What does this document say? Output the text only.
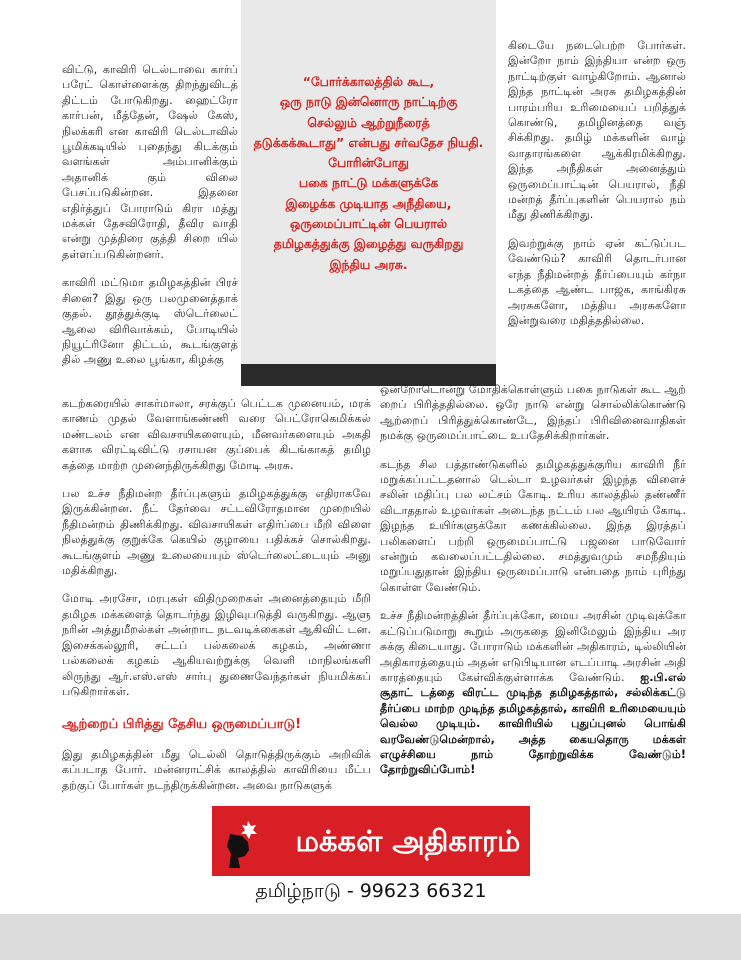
“போர்க்காலத்தில் கூட,
ஒரு நாடு இன்னொரு நாட்டிற்கு
செல்லும் ஆற்றுநீரைத்
தடுக்கக்கூடாது” என்பது சர்வதேச நியதி.
போரின்போது
பகை நாட்டு மக்களுக்கே
இழைக்க முடியாத அநீதியை,
ஒருமைப்பாட்டின் பெயரால்
தமிழகத்துக்கு இழைத்து வருகிறது
இந்திய அரசு.

விட்டு, காவிரி டெல்டாவை கார்ப் பரேட் கொள்ளைக்கு திறந்துவிடத் திட்டம் போடுகிறது. ஹைட்ரோ கார்பன், மீத்தேன், ஷேல் கேஸ், நிலக்கரி என காவிரி டெல்டாவில் பூமிக்கடியில் புதைந்து கிடக்கும் வளங்கள் அம்பானிக்கும் அதானிக் கும் விலை பேசப்படுகின்றன. இதனை எதிர்த்துப் போராடும் கிரா மத்து மக்கள் தேசவிரோதி, தீவிர வாதி என்று முத்திரை குத்தி சிறை யில் தள்ளப்படுகின்றனர்.

காவிரி மட்டுமா தமிழகத்தின் பிரச் சினை? இது ஒரு பலமுனைத்தாக் குதல். தூத்துக்குடி ஸ்டெர்லைட் ஆலை விரிவாக்கம், போடியில் நியூட்ரினோ திட்டம், கூடங்குளத் தில் அணு உலை பூங்கா, கிழக்கு

கடற்கரையில் சாகர்மாலா, சரக்குப் பெட்டக முனையம், மரக் காணம் முதல் வேளாங்கண்ணி வரை பெட்ரோகெமிக்கல் மண்டலம் என விவசாயிகளையும், மீனவர்களையும் அகதி களாக விரட்டிவிட்டு ரசாயன குப்பைக் கிடங்காகத் தமிழ கத்தை மாற்ற முனைந்திருக்கிறது மோடி அரசு.

பல உச்ச நீதிமன்ற தீர்ப்புகளும் தமிழகத்துக்கு எதிராகவே இருக்கின்றன. நீட் தேர்வை சட்டவிரோதமான முறையில் நீதிமன்றம் திணிக்கிறது. விவசாயிகள் எதிர்ப்பை மீறி விளை நிலத்துக்கு குறுக்கே கெயில் குழாயை பதிக்கச் சொல்கிறது. கூடங்குளம் அணு உலையையும் ஸ்டெர்லைட்டையும் அனு மதிக்கிறது.

மோடி அரசோ, மரபுகள் விதிமுறைகள் அனைத்தையும் மீறி தமிழக மக்களைத் தொடர்ந்து இழிவுபடுத்தி வருகிறது. ஆளு நரின் அத்துமீறல்கள் அன்றாட நடவடிக்கைகள் ஆகிவிட் டன. இசைக்கல்லூரி, சட்டப் பல்கலைக் கழகம், அண்ணா பல்கலைக் கழகம் ஆகியவற்றுக்கு வெளி மாநிலங்களி லிருந்து ஆர்.எஸ்.எஸ் சார்பு துணைவேந்தர்கள் நியமிக்கப் படுகிறார்கள்.

ஆற்றைப் பிரித்து தேசிய ஒருமைப்பாடு!

இது தமிழகத்தின் மீது டெல்லி தொடுத்திருக்கும் அறிவிக் கப்படாத போர். மன்னராட்சிக் காலத்தில் காவிரியை மீட்ப தற்குப் போர்கள் நடந்திருக்கின்றன. அவை நாடுகளுக்

கிடையே நடைபெற்ற போர்கள். இன்றோ நாம் இந்தியா என்ற ஒரு நாட்டிற்குள் வாழ்கிறோம். ஆனால் இந்த நாட்டின் அரசு தமிழகத்தின் பாரம்பரிய உரிமையைப் பறித்துக் கொண்டு, தமிழினத்தை வஞ் சிக்கிறது. தமிழ் மக்களின் வாழ் வாதாரங்களை ஆக்கிரமிக்கிறது. இந்த அநீதிகள் அனைத்தும் ஒருமைப்பாட்டின் பெயரால், நீதி மன்றத் தீர்ப்புகளின் பெயரால் நம் மீது திணிக்கிறது.

இவற்றுக்கு நாம் ஏன் கட்டுப்பட வேண்டும்? காவிரி தொடர்பான எந்த நீதிமன்றத் தீர்ப்பையும் கர்நா டகத்தை ஆண்ட பாஜக, காங்கிரசு அரசுகளோ, மத்திய அரசுகளோ இன்றுவரை மதித்ததில்லை.

ஒன்றோடொன்று மோதிக்கொள்ளும் பகை நாடுகள் கூட ஆற் றைப் பிரித்ததில்லை. ஒரே நாடு என்று சொல்லிக்கொண்டு ஆற்றைப் பிரித்துக்கொண்டே, இந்தப் பிரிவினைவாதிகள் நமக்கு ஒருமைப்பாட்டை உபதேசிக்கிறார்கள்.

கடந்த சில பத்தாண்டுகளில் தமிழகத்துக்குரிய காவிரி நீர் மறுக்கப்பட்டதனால் டெல்டா உழவர்கள் இழந்த விளைச் சலின் மதிப்பு பல லட்சம் கோடி. உரிய காலத்தில் தண்ணீர் விடாததால் உழவர்கள் அடைந்த நட்டம் பல ஆயிரம் கோடி. இழந்த உயிர்களுக்கோ கணக்கில்லை. இந்த இரத்தப் பலிகளைப் பற்றி ஒருமைப்பாட்டு பஜனை பாடுவோர் என்றும் கவலைப்பட்டதில்லை. சமத்துவமும் சமநீதியும் மறுப்பதுதான் இந்திய ஒருமைப்பாடு என்பதை நாம் புரிந்து கொள்ள வேண்டும்.

உச்ச நீதிமன்றத்தின் தீர்ப்புக்கோ, மைய அரசின் முடிவுக்கோ கட்டுப்படுமாறு கூறும் அருகதை இனிமேலும் இந்திய அர சுக்கு கிடையாது. போராடும் மக்களின் அதிகாரம், டில்லியின் அதிகாரத்தையும் அதன் எடுபிடியான எடப்பாடி அரசின் அதி காரத்தையும் கேள்விக்குள்ளாக்க வேண்டும். ஐ.பி.எல் சூதாட் டத்தை விரட்ட முடிந்த தமிழகத்தால், சல்லிக்கட்டு தீர்ப்பை மாற்ற முடிந்த தமிழகத்தால், காவிரி உரிமையையும் வெல்ல முடியும். காவிரியில் புதுப்புனல் பொங்கி வரவேண்டுமென்றால், அத்த கையதொரு மக்கள் எழுச்சியை நாம் தோற்றுவிக்க வேண்டும்! தோற்றுவிப்போம்!

மக்கள் அதிகாரம்
தமிழ்நாடு - 99623 66321
